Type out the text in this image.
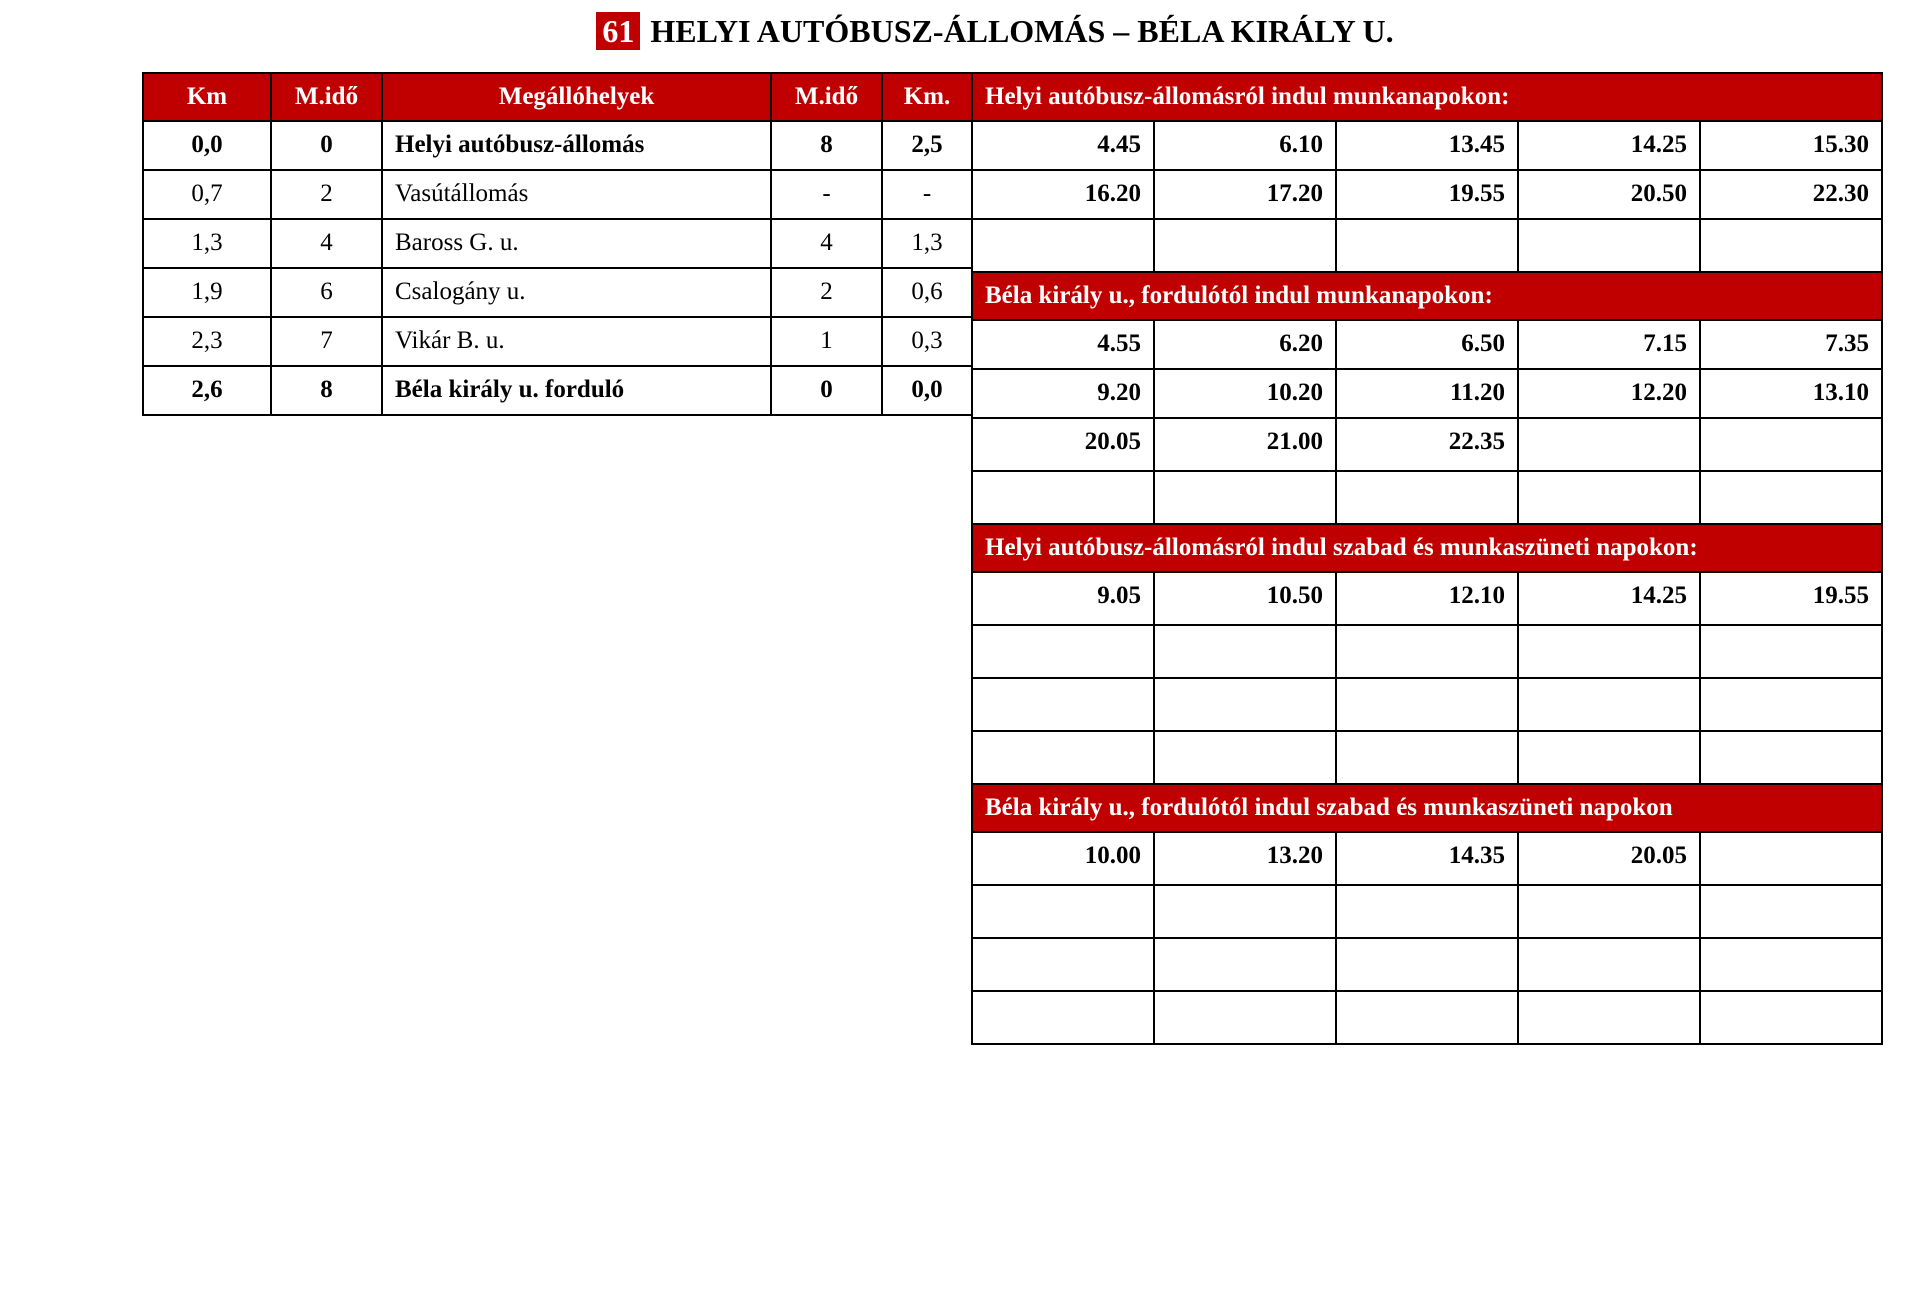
61 HELYI AUTÓBUSZ-ÁLLOMÁS – BÉLA KIRÁLY U.
Km	M.idő	Megállóhelyek	M.idő	Km.
0,0	0	Helyi autóbusz-állomás	8	2,5
0,7	2	Vasútállomás	-	-
1,3	4	Baross G. u.	4	1,3
1,9	6	Csalogány u.	2	0,6
2,3	7	Vikár B. u.	1	0,3
2,6	8	Béla király u. forduló	0	0,0
Helyi autóbusz-állomásról indul munkanapokon:				
4.45	6.10	13.45	14.25	15.30
16.20	17.20	19.55	20.50	22.30

Béla király u., fordulótól indul munkanapokon:				
4.55	6.20	6.50	7.15	7.35
9.20	10.20	11.20	12.20	13.10
20.05	21.00	22.35		

Helyi autóbusz-állomásról indul szabad és munkaszüneti napokon:				
9.05	10.50	12.10	14.25	19.55

Béla király u., fordulótól indul szabad és munkaszüneti napokon				
10.00	13.20	14.35	20.05	
